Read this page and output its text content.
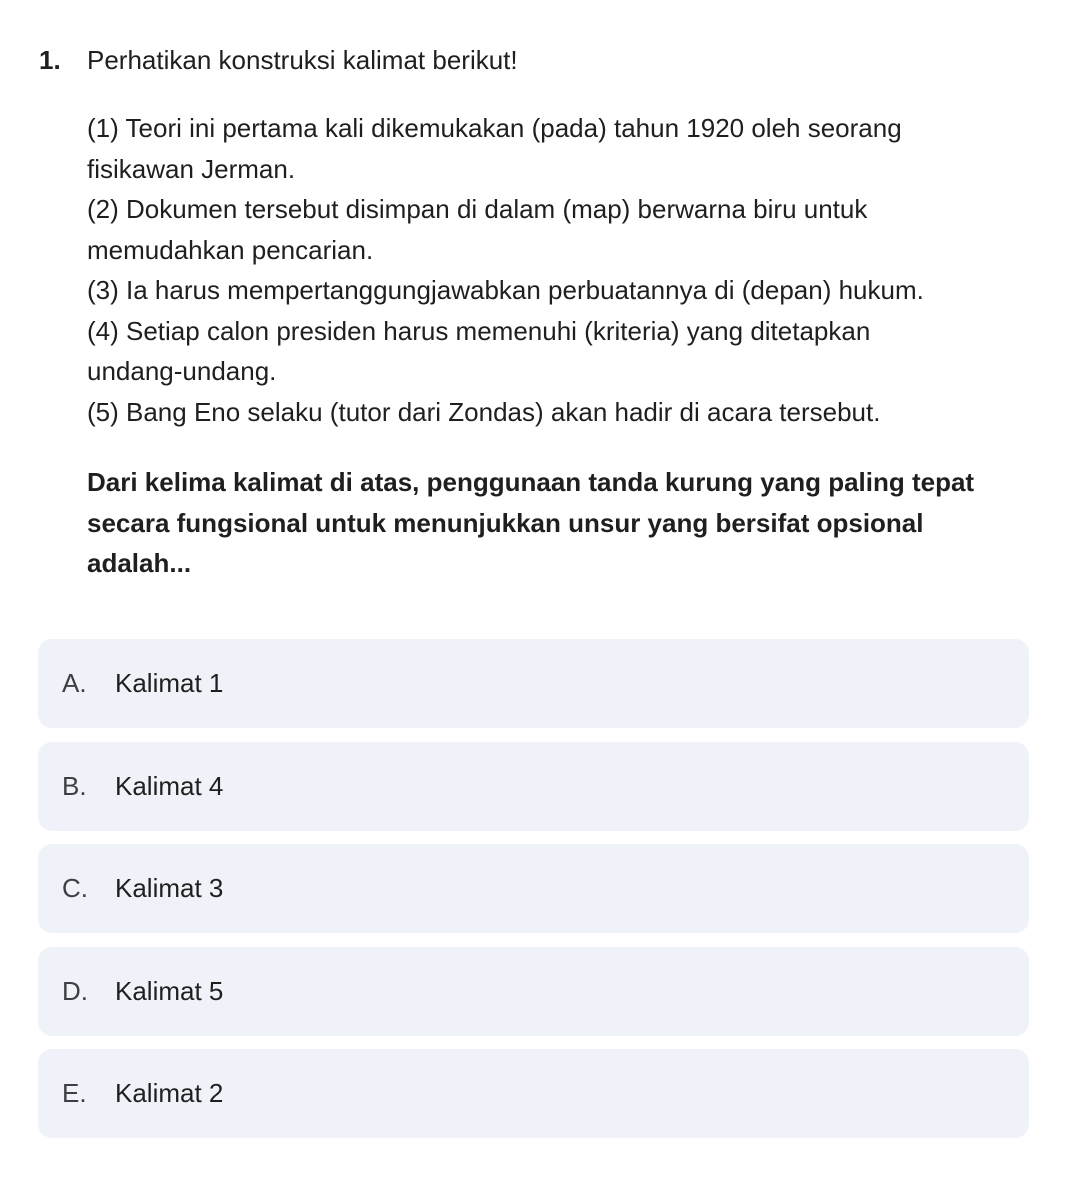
1. Perhatikan konstruksi kalimat berikut!
(1) Teori ini pertama kali dikemukakan (pada) tahun 1920 oleh seorang
fisikawan Jerman.
(2) Dokumen tersebut disimpan di dalam (map) berwarna biru untuk
memudahkan pencarian.
(3) Ia harus mempertanggungjawabkan perbuatannya di (depan) hukum.
(4) Setiap calon presiden harus memenuhi (kriteria) yang ditetapkan
undang-undang.
(5) Bang Eno selaku (tutor dari Zondas) akan hadir di acara tersebut.
Dari kelima kalimat di atas, penggunaan tanda kurung yang paling tepat
secara fungsional untuk menunjukkan unsur yang bersifat opsional
adalah...
A. Kalimat 1
B. Kalimat 4
C. Kalimat 3
D. Kalimat 5
E. Kalimat 2
